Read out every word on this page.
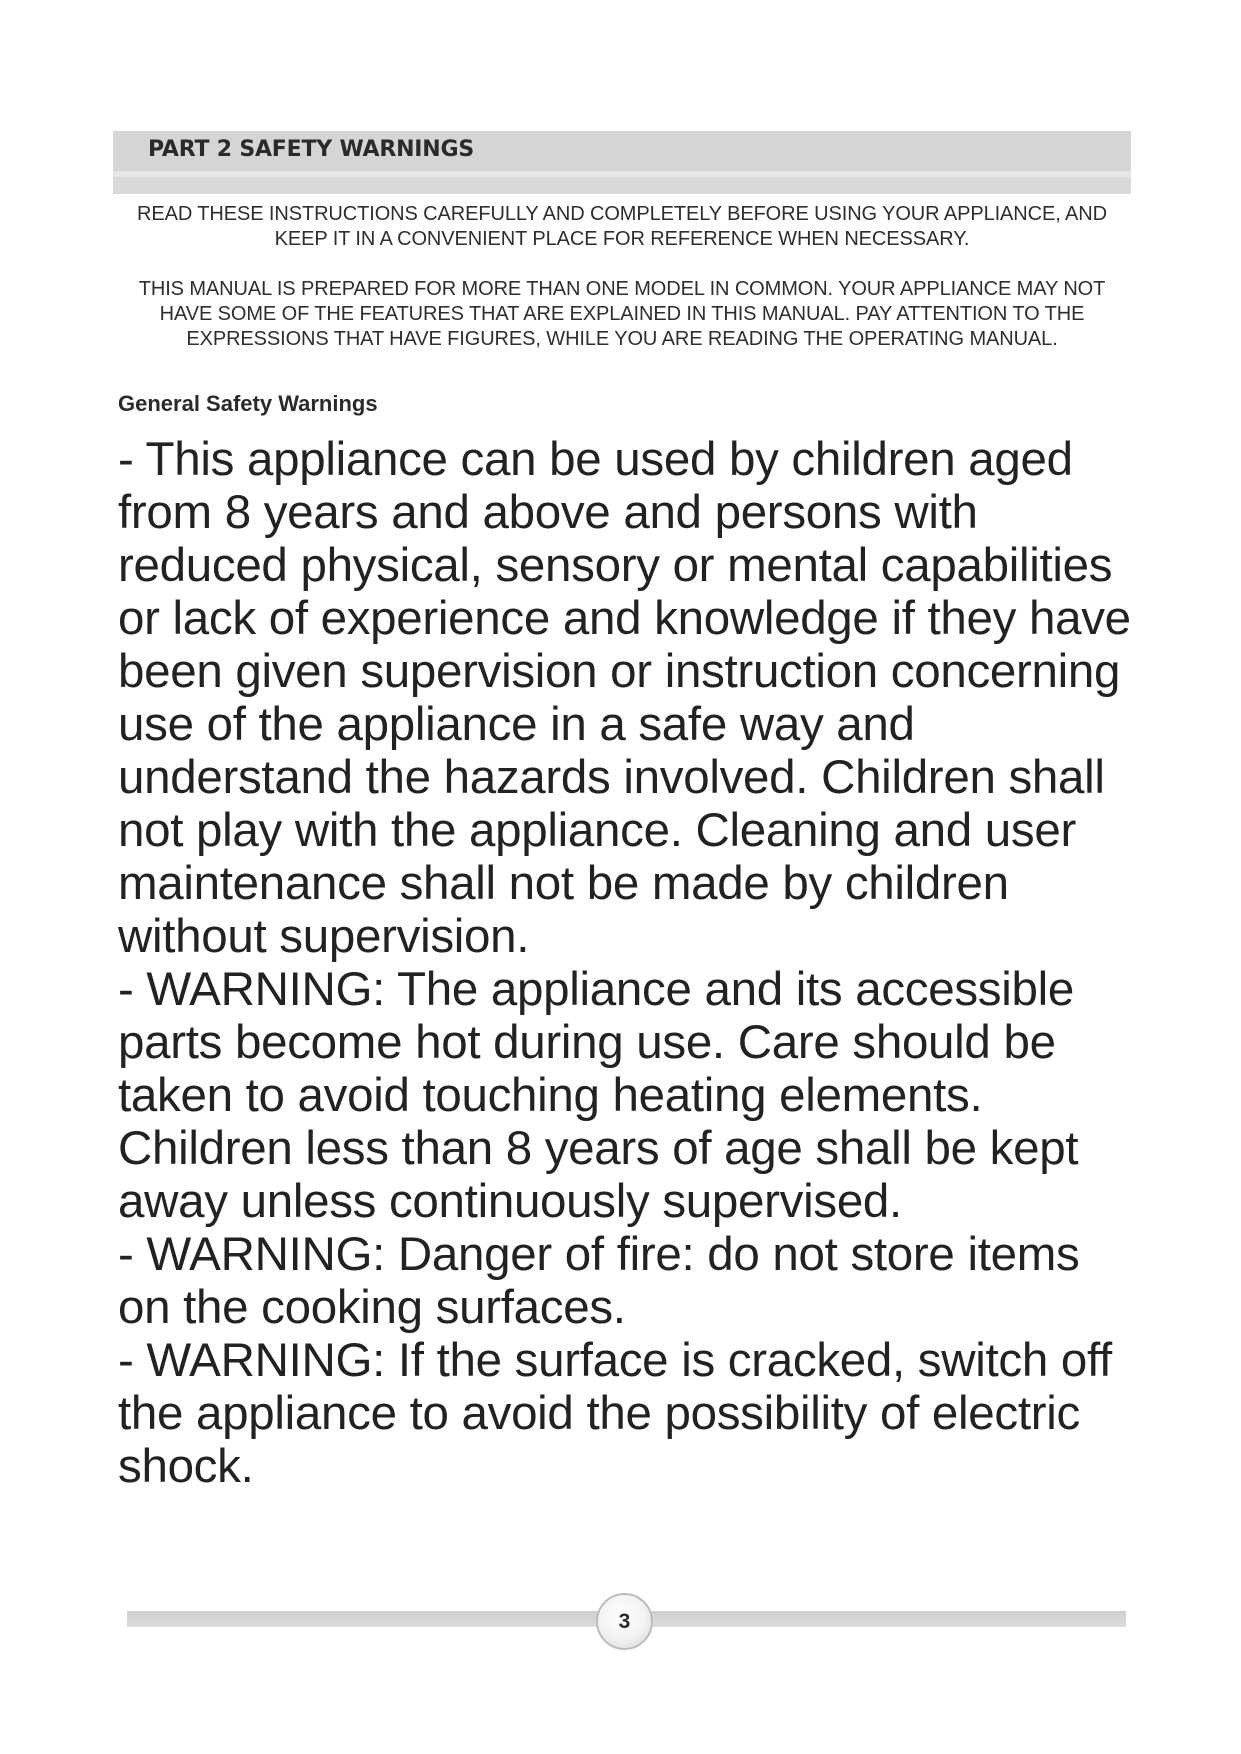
PART 2 SAFETY WARNINGS
READ THESE INSTRUCTIONS CAREFULLY AND COMPLETELY BEFORE USING YOUR APPLIANCE, AND KEEP IT IN A CONVENIENT PLACE FOR REFERENCE WHEN NECESSARY.
THIS MANUAL IS PREPARED FOR MORE THAN ONE MODEL IN COMMON. YOUR APPLIANCE MAY NOT HAVE SOME OF THE FEATURES THAT ARE EXPLAINED IN THIS MANUAL. PAY ATTENTION TO THE EXPRESSIONS THAT HAVE FIGURES, WHILE YOU ARE READING THE OPERATING MANUAL.
General Safety Warnings

- This appliance can be used by children aged from 8 years and above and persons with reduced physical, sensory or mental capabilities or lack of experience and knowledge if they have been given supervision or instruction concerning use of the appliance in a safe way and understand the hazards involved. Children shall not play with the appliance. Cleaning and user maintenance shall not be made by children without supervision.

- WARNING: The appliance and its accessible parts become hot during use. Care should be taken to avoid touching heating elements. Children less than 8 years of age shall be kept away unless continuously supervised.

- WARNING: Danger of fire: do not store items on the cooking surfaces.

- WARNING: If the surface is cracked, switch off the appliance to avoid the possibility of electric shock.

3
